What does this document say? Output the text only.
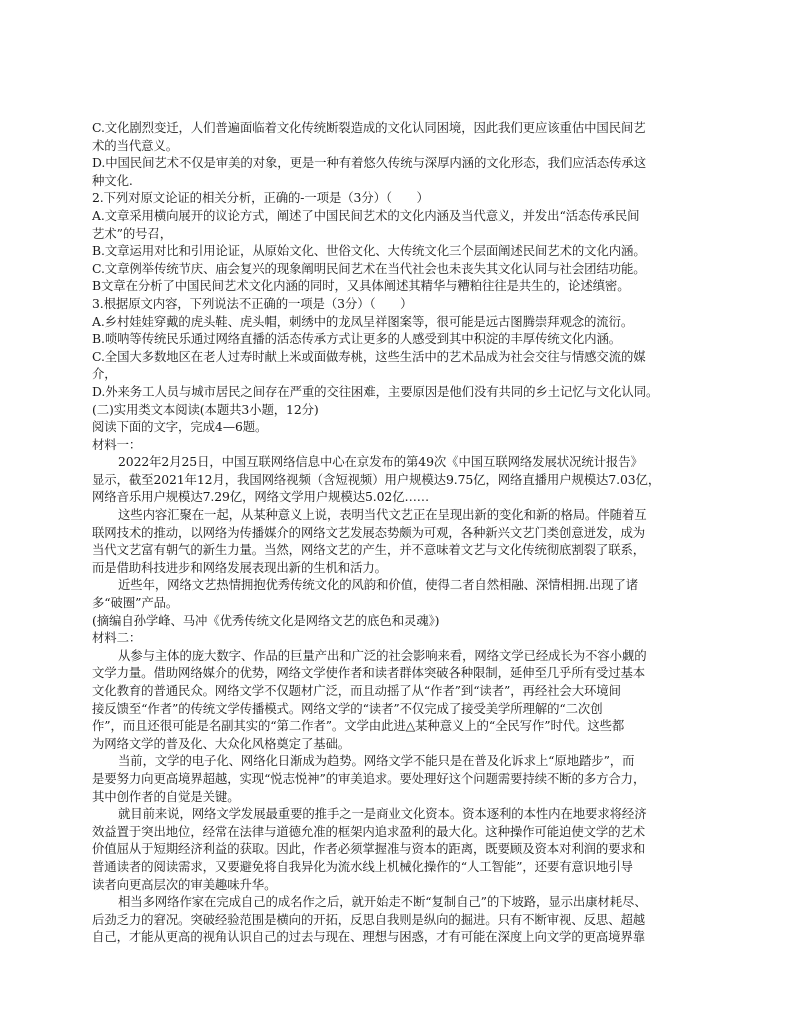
C.文化剧烈变迁，人们普遍面临着文化传统断裂造成的文化认同困境，因此我们更应该重估中国民间艺
术的当代意义。
D.中国民间艺术不仅是审美的对象，更是一种有着悠久传统与深厚内涵的文化形态，我们应活态传承这
种文化.
2.下列对原文论证的相关分析，正确的-一项是（3分）（　　）
A.文章采用横向展开的议论方式，阐述了中国民间艺术的文化内涵及当代意义，并发出“活态传承民间
艺术”的号召，
B.文章运用对比和引用论证，从原始文化、世俗文化、大传统文化三个层面阐述民间艺术的文化内涵。
C.文章例举传统节庆、庙会复兴的现象阐明民间艺术在当代社会也未丧失其文化认同与社会团结功能。
B文章在分析了中国民间艺术文化内涵的同时，又具体阐述其精华与糟粕往往是共生的，论述缜密。
3.根据原文内容，下列说法不正确的一项是（3分）（　　）
A.乡村娃娃穿戴的虎头鞋、虎头帽，刺绣中的龙凤呈祥图案等，很可能是远古图腾崇拜观念的流衍。
B.唢呐等传统民乐通过网络直播的活态传承方式让更多的人感受到其中积淀的丰厚传统文化内涵。
C.全国大多数地区在老人过寿时献上米或面做寿桃，这些生活中的艺术品成为社会交往与情感交流的媒
介，
D.外来务工人员与城市居民之间存在严重的交往困难，主要原因是他们没有共同的乡土记忆与文化认同。
(二)实用类文本阅读(本题共3小题，12分)
阅读下面的文字，完成4—6题。
材料一：
2022年2月25日，中国互联网络信息中心在京发布的第49次《中国互联网络发展状况统计报告》
显示，截至2021年12月，我国网络视频（含短视频）用户规模达9.75亿，网络直播用户规模达7.03亿，
网络音乐用户规模达7.29亿，网络文学用户规模达5.02亿……
这些内容汇聚在一起，从某种意义上说，表明当代文艺正在呈现出新的变化和新的格局。伴随着互
联网技术的推动，以网络为传播媒介的网络文艺发展态势颇为可观，各种新兴文艺门类创意迸发，成为
当代文艺富有朝气的新生力量。当然，网络文艺的产生，并不意味着文艺与文化传统彻底割裂了联系，
而是借助科技进步和网络发展表现出新的生机和活力。
近些年，网络文艺热情拥抱优秀传统文化的风韵和价值，使得二者自然相融、深情相拥.出现了诸
多“破圈”产品。
(摘编自孙学峰、马冲《优秀传统文化是网络文艺的底色和灵魂》)
材料二：
从参与主体的庞大数字、作品的巨量产出和广泛的社会影响来看，网络文学已经成长为不容小觑的
文学力量。借助网络媒介的优势，网络文学使作者和读者群体突破各种限制，延伸至几乎所有受过基本
文化教育的普通民众。网络文学不仅题材广泛，而且动摇了从“作者”到“读者”，再经社会大环境间
接反馈至“作者”的传统文学传播模式。网络文学的“读者”不仅完成了接受美学所理解的“二次创
作”，而且还很可能是名副其实的“第二作者”。文学由此进△某种意义上的“全民写作”时代。这些都
为网络文学的普及化、大众化风格奠定了基础。
当前，文学的电子化、网络化日渐成为趋势。网络文学不能只是在普及化诉求上“原地踏步”，而
是要努力向更高境界超越，实现“悦志悦神”的审美追求。要处理好这个问题需要持续不断的多方合力，
其中创作者的自觉是关键。
就目前来说，网络文学发展最重要的推手之一是商业文化资本。资本逐利的本性内在地要求将经济
效益置于突出地位，经常在法律与道德允准的框架内追求盈利的最大化。这种操作可能迫使文学的艺术
价值屈从于短期经济利益的获取。因此，作者必须掌握准与资本的距离，既要顾及资本对利润的要求和
普通读者的阅读需求，又要避免将自我异化为流水线上机械化操作的“人工智能”，还要有意识地引导
读者向更高层次的审美趣味升华。
相当多网络作家在完成自己的成名作之后，就开始走不断“复制自己”的下坡路，显示出康材耗尽、
后劲乏力的窘况。突破经验范围是横向的开拓，反思自我则是纵向的掘进。只有不断审视、反思、超越
自己，才能从更高的视角认识自己的过去与现在、理想与困惑，才有可能在深度上向文学的更高境界靠
